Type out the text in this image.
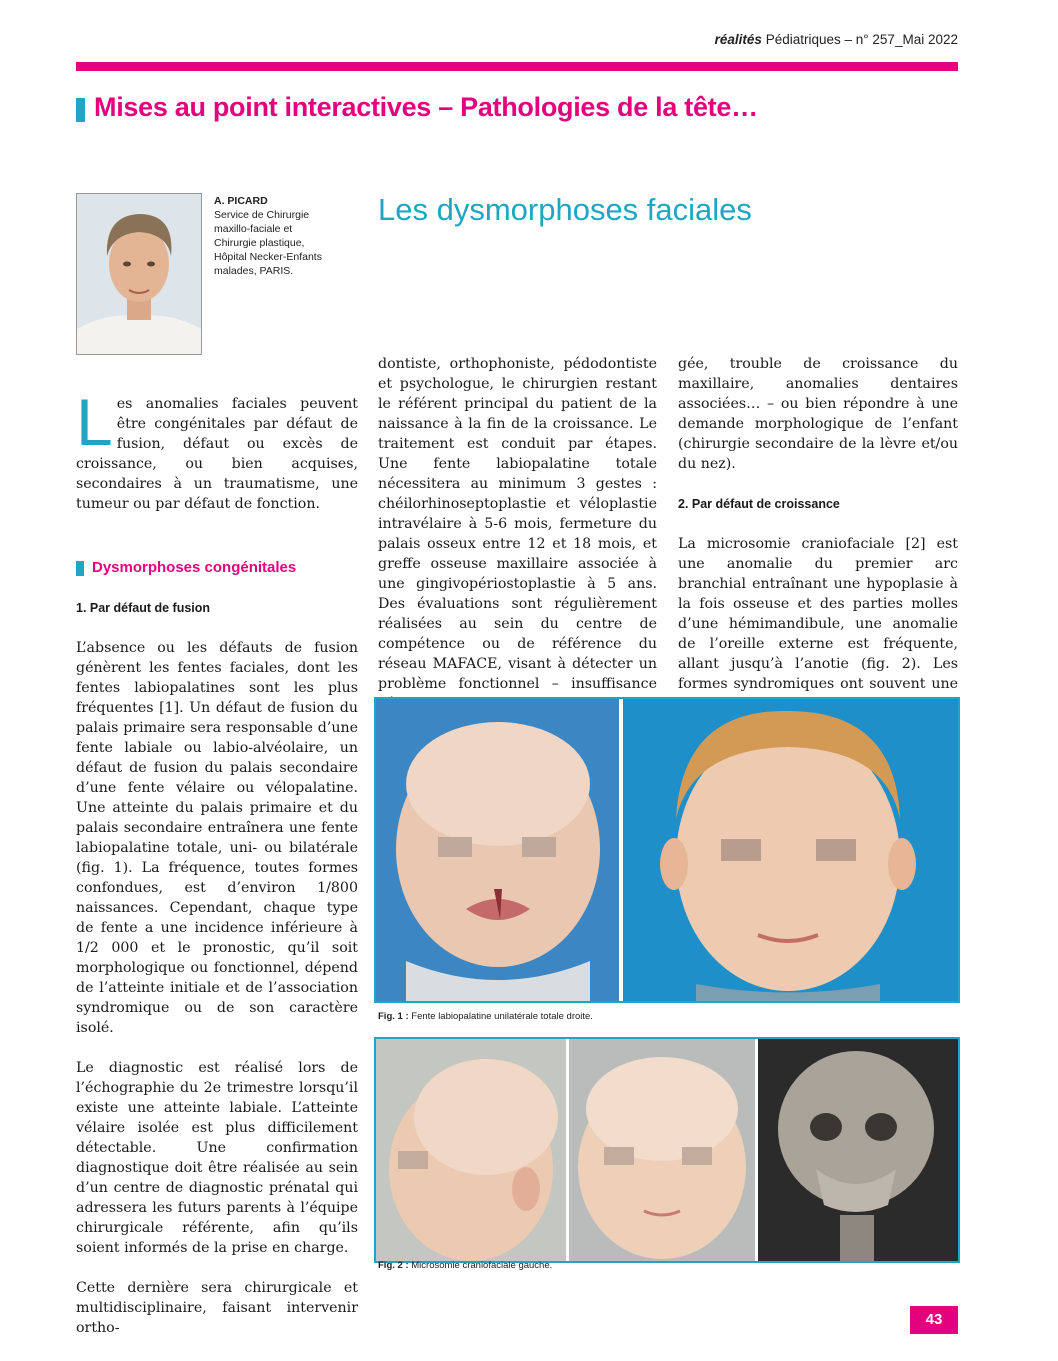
réalités Pédiatriques – n° 257_Mai 2022
Mises au point interactives – Pathologies de la tête…
A. PICARD
Service de Chirurgie
maxillo-faciale et
Chirurgie plastique,
Hôpital Necker-Enfants
malades, PARIS.
Les dysmorphoses faciales

Les anomalies faciales peuvent être congénitales par défaut de fusion, défaut ou excès de croissance, ou bien acquises, secondaires à un traumatisme, une tumeur ou par défaut de fonction.

Dysmorphoses congénitales
1. Par défaut de fusion

L’absence ou les défauts de fusion génèrent les fentes faciales, dont les fentes labiopalatines sont les plus fréquentes [1]. Un défaut de fusion du palais primaire sera responsable d’une fente labiale ou labio-alvéolaire, un défaut de fusion du palais secondaire d’une fente vélaire ou vélopalatine. Une atteinte du palais primaire et du palais secondaire entraînera une fente labiopalatine totale, uni- ou bilatérale (fig. 1). La fréquence, toutes formes confondues, est d’environ 1/800 naissances. Cependant, chaque type de fente a une incidence inférieure à 1/2 000 et le pronostic, qu’il soit morphologique ou fonctionnel, dépend de l’atteinte initiale et de l’association syndromique ou de son caractère isolé.

Le diagnostic est réalisé lors de l’échographie du 2e trimestre lorsqu’il existe une atteinte labiale. L’atteinte vélaire isolée est plus difficilement détectable. Une confirmation diagnostique doit être réalisée au sein d’un centre de diagnostic prénatal qui adressera les futurs parents à l’équipe chirurgicale référente, afin qu’ils soient informés de la prise en charge.

Cette dernière sera chirurgicale et multidisciplinaire, faisant intervenir ortho-

dontiste, orthophoniste, pédodontiste et psychologue, le chirurgien restant le référent principal du patient de la naissance à la fin de la croissance. Le traitement est conduit par étapes. Une fente labiopalatine totale nécessitera au minimum 3 gestes : chéilorhinoseptoplastie et véloplastie intravélaire à 5-6 mois, fermeture du palais osseux entre 12 et 18 mois, et greffe osseuse maxillaire associée à une gingivopériostoplastie à 5 ans. Des évaluations sont régulièrement réalisées au sein du centre de compétence ou de référence du réseau MAFACE, visant à détecter un problème fonctionnel – insuffisance

gée, trouble de croissance du maxillaire, anomalies dentaires associées… – ou bien répondre à une demande morphologique de l’enfant (chirurgie secondaire de la lèvre et/ou du nez).

2. Par défaut de croissance

La microsomie craniofaciale [2] est une anomalie du premier arc branchial entraînant une hypoplasie à la fois osseuse et des parties molles d’une hémimandibule, une anomalie de l’oreille externe est fréquente, allant jusqu’à l’anotie (fig. 2). Les formes syndromiques ont souvent une

Fig. 1 : Fente labiopalatine unilatérale totale droite.
Fig. 2 : Microsomie craniofaciale gauche.
43
